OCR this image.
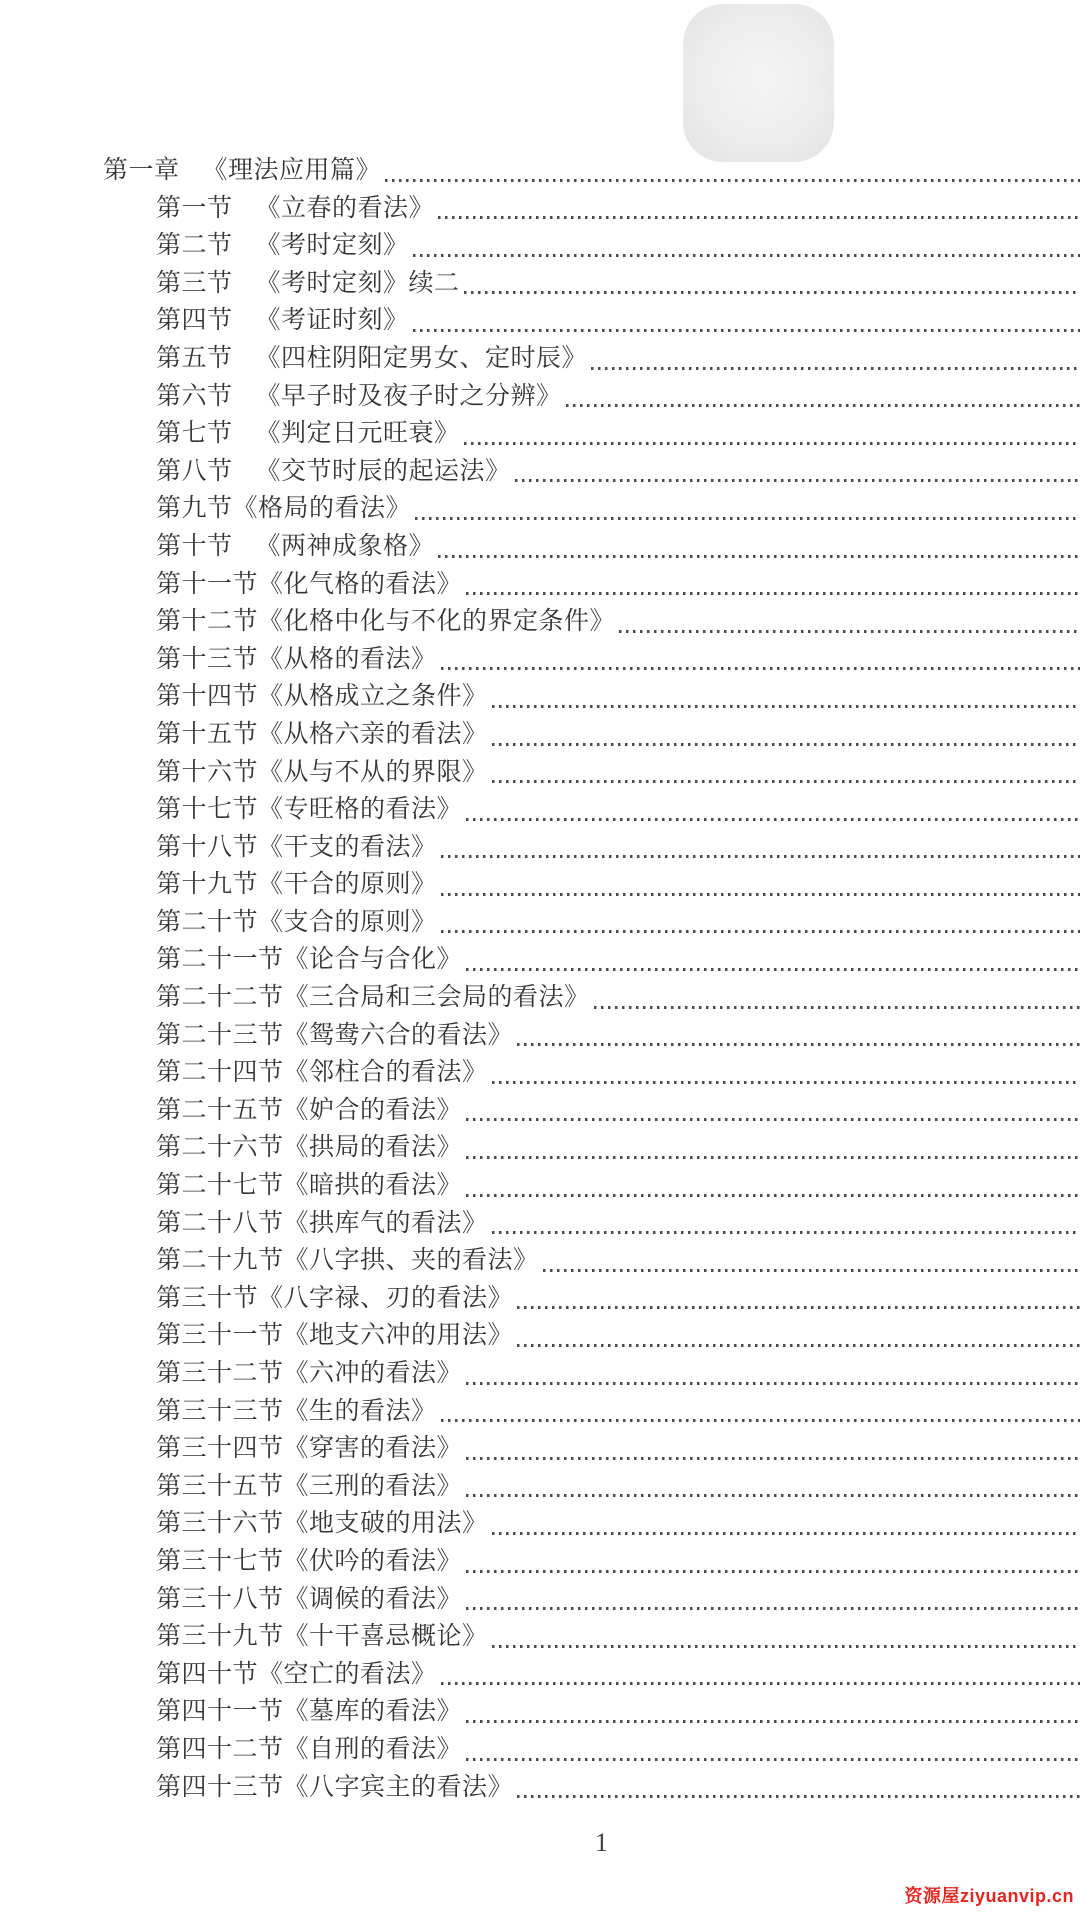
第一章 《理法应用篇》
第一节 《立春的看法》
第二节 《考时定刻》
第三节 《考时定刻》续二
第四节 《考证时刻》
第五节 《四柱阴阳定男女、定时辰》
第六节 《早子时及夜子时之分辨》
第七节 《判定日元旺衰》
第八节 《交节时辰的起运法》
第九节 《格局的看法》
第十节 《两神成象格》
第十一节 《化气格的看法》
第十二节 《化格中化与不化的界定条件》
第十三节 《从格的看法》
第十四节 《从格成立之条件》
第十五节 《从格六亲的看法》
第十六节 《从与不从的界限》
第十七节 《专旺格的看法》
第十八节 《干支的看法》
第十九节 《干合的原则》
第二十节 《支合的原则》
第二十一节 《论合与合化》
第二十二节 《三合局和三会局的看法》
第二十三节 《鸳鸯六合的看法》
第二十四节 《邻柱合的看法》
第二十五节 《妒合的看法》
第二十六节 《拱局的看法》
第二十七节 《暗拱的看法》
第二十八节 《拱库气的看法》
第二十九节 《八字拱、夹的看法》
第三十节 《八字禄、刃的看法》
第三十一节 《地支六冲的用法》
第三十二节 《六冲的看法》
第三十三节 《生的看法》
第三十四节 《穿害的看法》
第三十五节 《三刑的看法》
第三十六节 《地支破的用法》
第三十七节 《伏吟的看法》
第三十八节 《调候的看法》
第三十九节 《十干喜忌概论》
第四十节 《空亡的看法》
第四十一节 《墓库的看法》
第四十二节 《自刑的看法》
第四十三节 《八字宾主的看法》
1
资源屋ziyuanvip.cn
